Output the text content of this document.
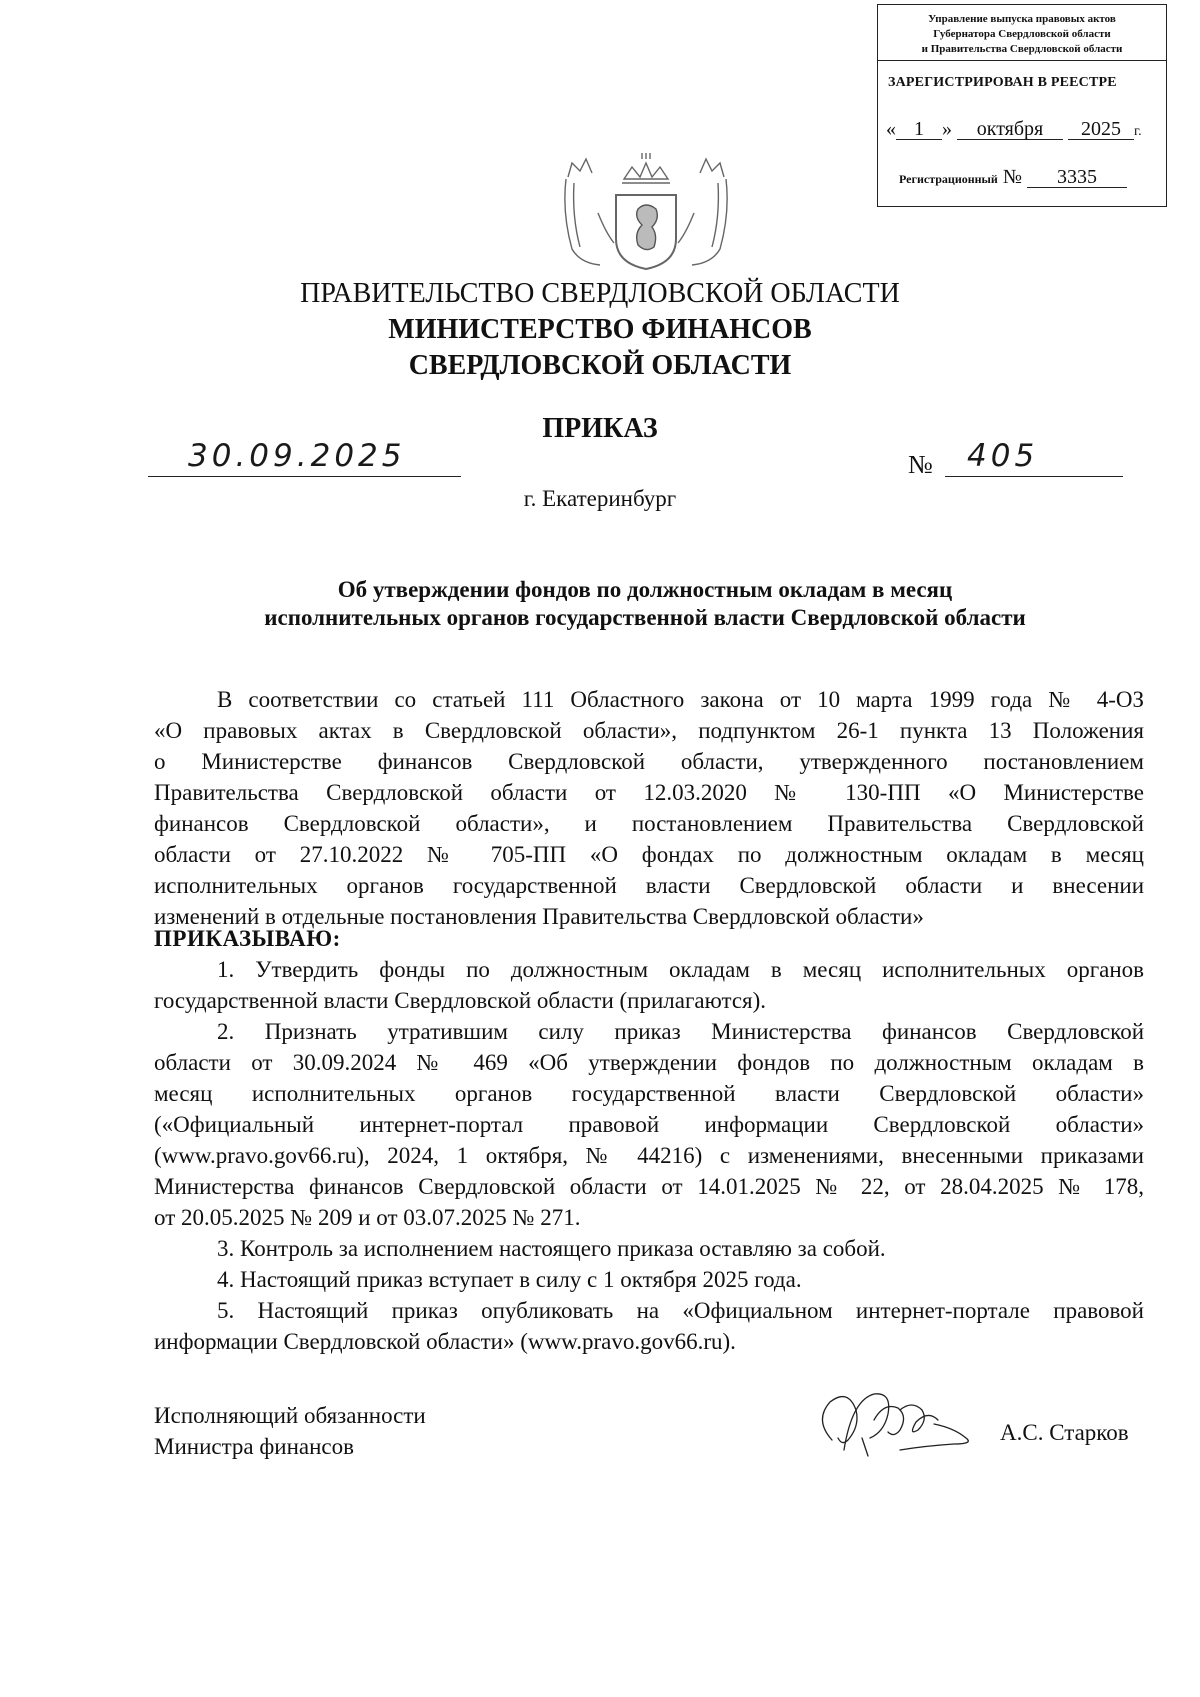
Управление выпуска правовых актов
Губернатора Свердловской области
и Правительства Свердловской области
ЗАРЕГИСТРИРОВАН В РЕЕСТРЕ
« 1 » октября 2025 г.
Регистрационный № 3335
ПРАВИТЕЛЬСТВО СВЕРДЛОВСКОЙ ОБЛАСТИ
МИНИСТЕРСТВО ФИНАНСОВ
СВЕРДЛОВСКОЙ ОБЛАСТИ
ПРИКАЗ
30.09.2025	№ 405
г. Екатеринбург
Об утверждении фондов по должностным окладам в месяц
исполнительных органов государственной власти Свердловской области
В соответствии со статьей 111 Областного закона от 10 марта 1999 года № 4-ОЗ
«О правовых актах в Свердловской области», подпунктом 26-1 пункта 13 Положения
о Министерстве финансов Свердловской области, утвержденного постановлением
Правительства Свердловской области от 12.03.2020 № 130-ПП «О Министерстве
финансов Свердловской области», и постановлением Правительства Свердловской
области от 27.10.2022 № 705-ПП «О фондах по должностным окладам в месяц
исполнительных органов государственной власти Свердловской области и внесении
изменений в отдельные постановления Правительства Свердловской области»
ПРИКАЗЫВАЮ:
1. Утвердить фонды по должностным окладам в месяц исполнительных органов
государственной власти Свердловской области (прилагаются).
2. Признать утратившим силу приказ Министерства финансов Свердловской
области от 30.09.2024 № 469 «Об утверждении фондов по должностным окладам в
месяц исполнительных органов государственной власти Свердловской области»
(«Официальный интернет-портал правовой информации Свердловской области»
(www.pravo.gov66.ru), 2024, 1 октября, № 44216) с изменениями, внесенными приказами
Министерства финансов Свердловской области от 14.01.2025 № 22, от 28.04.2025 № 178,
от 20.05.2025 № 209 и от 03.07.2025 № 271.
3. Контроль за исполнением настоящего приказа оставляю за собой.
4. Настоящий приказ вступает в силу с 1 октября 2025 года.
5. Настоящий приказ опубликовать на «Официальном интернет-портале правовой
информации Свердловской области» (www.pravo.gov66.ru).
Исполняющий обязанности
Министра финансов
А.С. Старков
